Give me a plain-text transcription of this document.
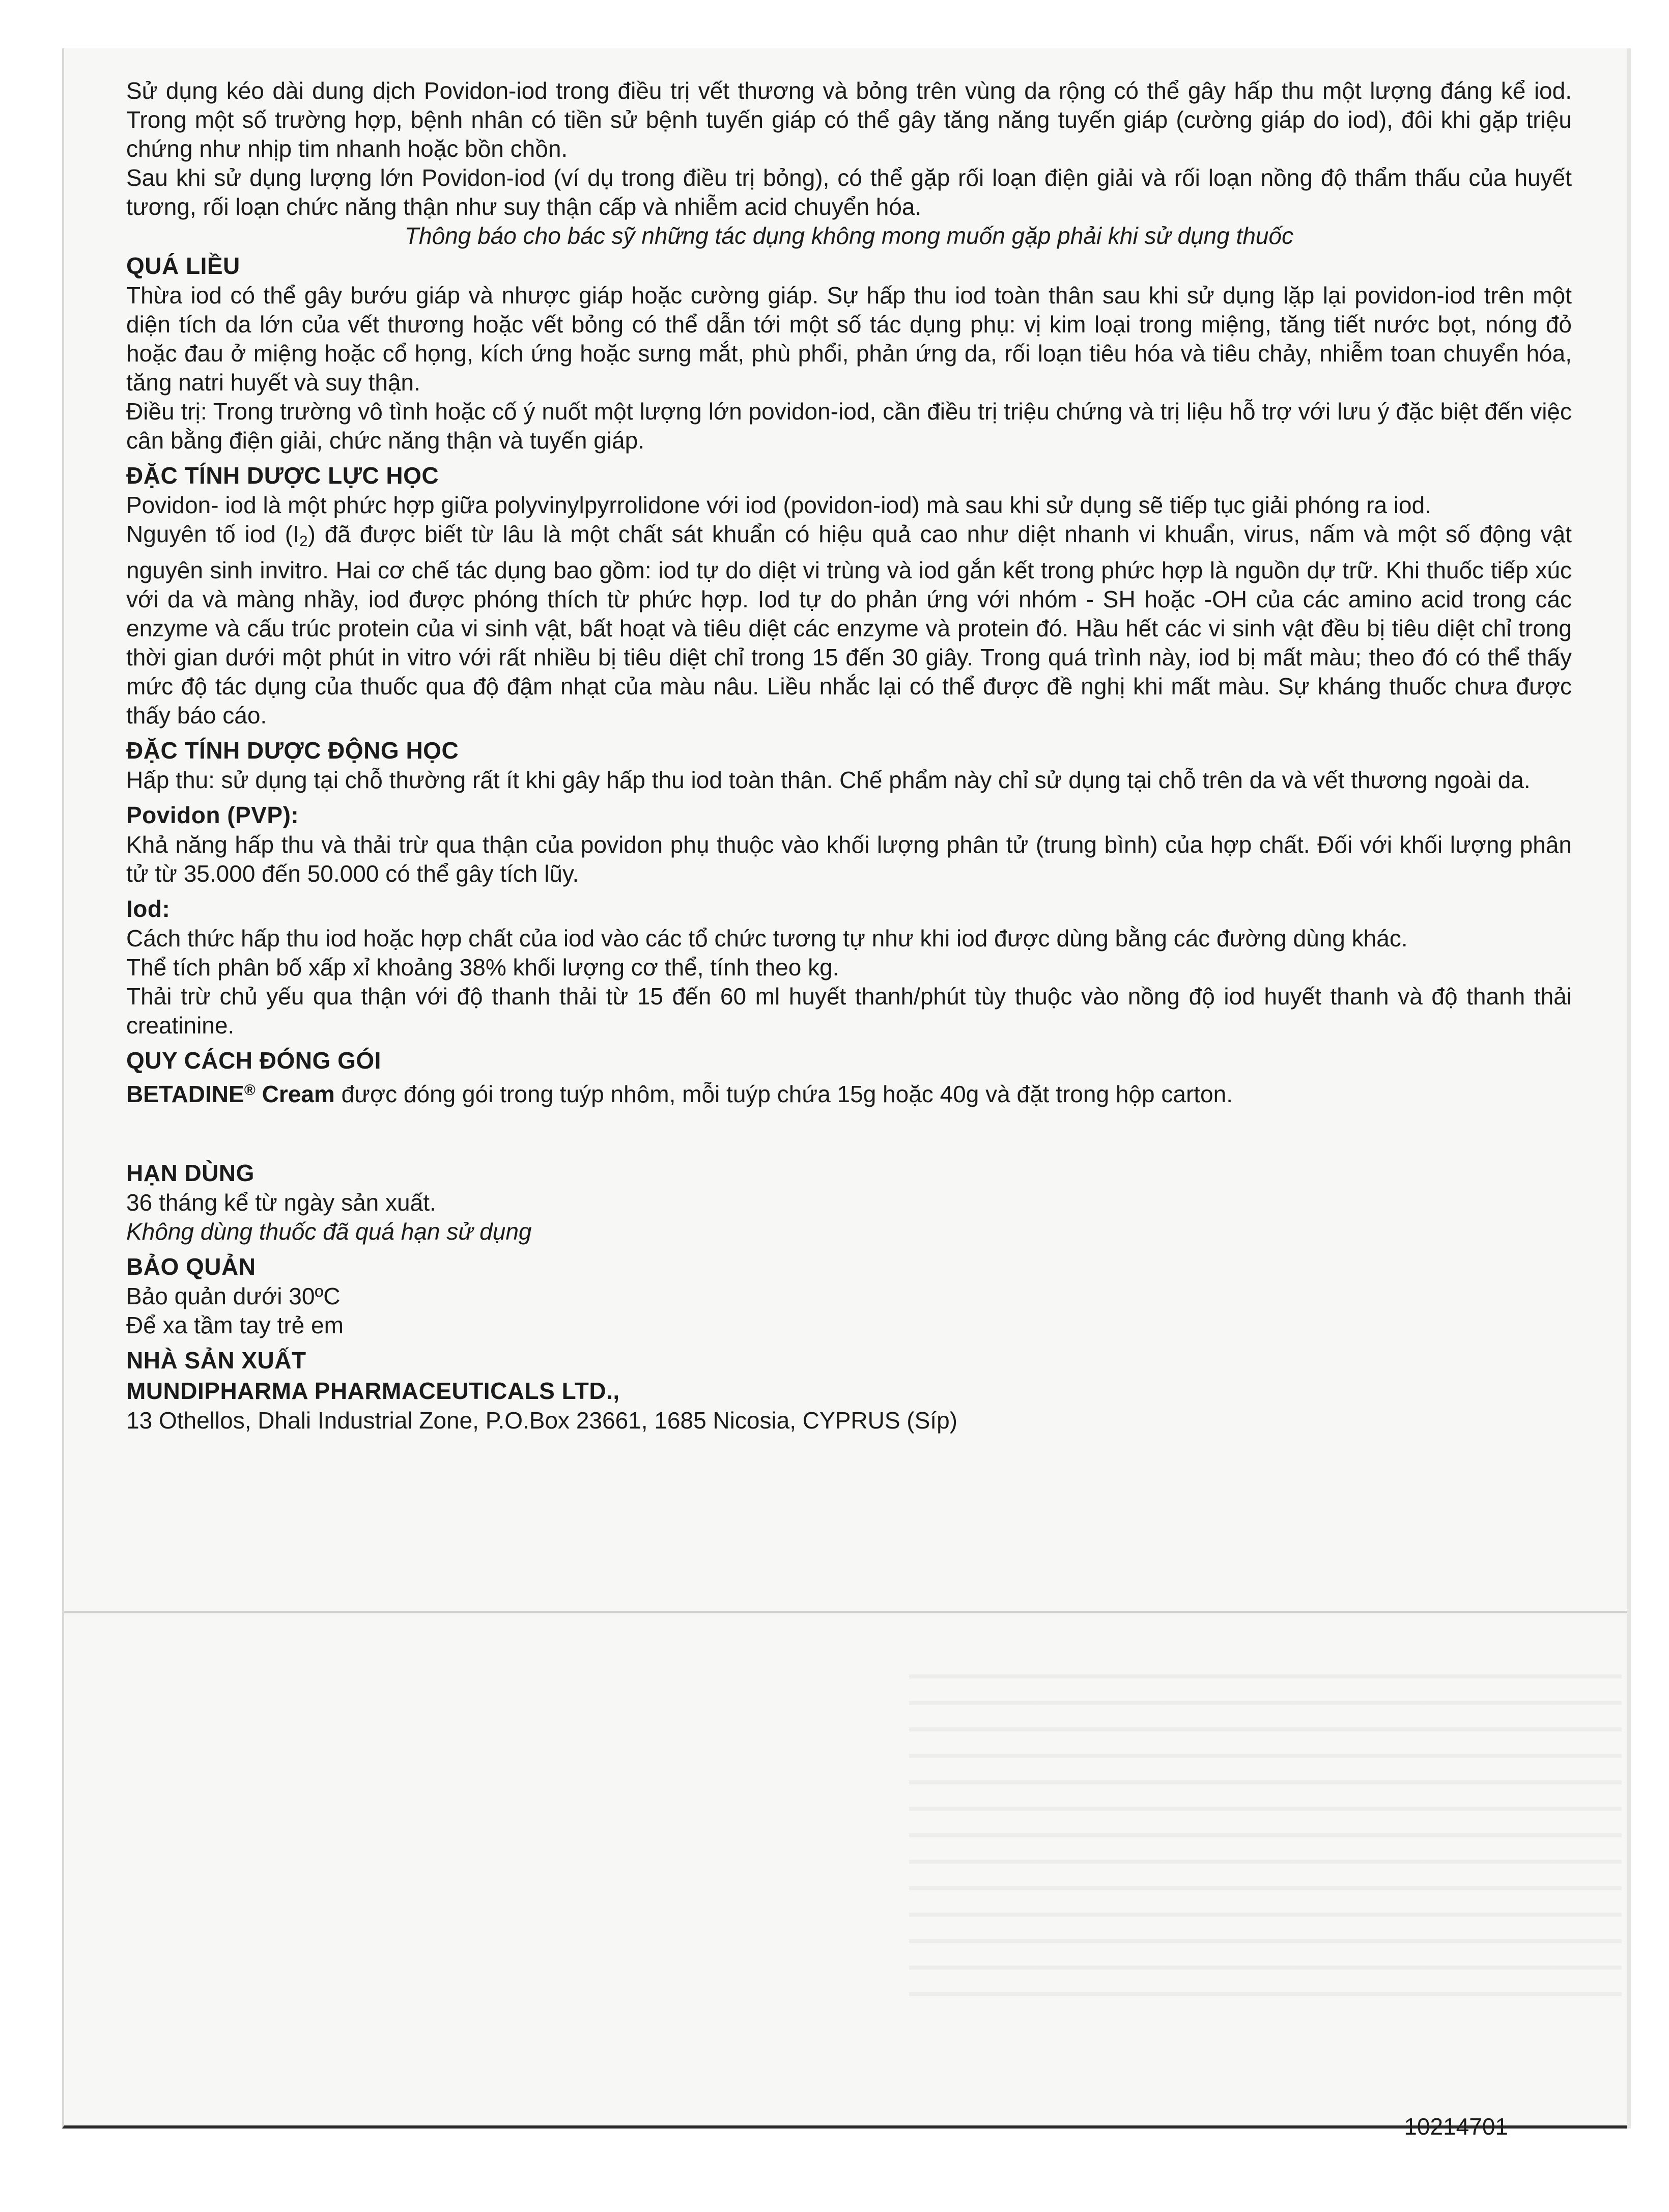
10214701

Sử dụng kéo dài dung dịch Povidon-iod trong điều trị vết thương và bỏng trên vùng da rộng có thể gây hấp thu một lượng đáng kể iod. Trong một số trường hợp, bệnh nhân có tiền sử bệnh tuyến giáp có thể gây tăng năng tuyến giáp (cường giáp do iod), đôi khi gặp triệu chứng như nhịp tim nhanh hoặc bồn chồn.

Sau khi sử dụng lượng lớn Povidon-iod (ví dụ trong điều trị bỏng), có thể gặp rối loạn điện giải và rối loạn nồng độ thẩm thấu của huyết tương, rối loạn chức năng thận như suy thận cấp và nhiễm acid chuyển hóa.

Thông báo cho bác sỹ những tác dụng không mong muốn gặp phải khi sử dụng thuốc

QUÁ LIỀU

Thừa iod có thể gây bướu giáp và nhược giáp hoặc cường giáp. Sự hấp thu iod toàn thân sau khi sử dụng lặp lại povidon-iod trên một diện tích da lớn của vết thương hoặc vết bỏng có thể dẫn tới một số tác dụng phụ: vị kim loại trong miệng, tăng tiết nước bọt, nóng đỏ hoặc đau ở miệng hoặc cổ họng, kích ứng hoặc sưng mắt, phù phổi, phản ứng da, rối loạn tiêu hóa và tiêu chảy, nhiễm toan chuyển hóa, tăng natri huyết và suy thận.

Điều trị: Trong trường vô tình hoặc cố ý nuốt một lượng lớn povidon-iod, cần điều trị triệu chứng và trị liệu hỗ trợ với lưu ý đặc biệt đến việc cân bằng điện giải, chức năng thận và tuyến giáp.

ĐẶC TÍNH DƯỢC LỰC HỌC

Povidon- iod là một phức hợp giữa polyvinylpyrrolidone với iod (povidon-iod) mà sau khi sử dụng sẽ tiếp tục giải phóng ra iod.

Nguyên tố iod $(I_2)$ đã được biết từ lâu là một chất sát khuẩn có hiệu quả cao như diệt nhanh vi khuẩn, virus, nấm và một số động vật nguyên sinh invitro. Hai cơ chế tác dụng bao gồm: iod tự do diệt vi trùng và iod gắn kết trong phức hợp là nguồn dự trữ. Khi thuốc tiếp xúc với da và màng nhầy, iod được phóng thích từ phức hợp. Iod tự do phản ứng với nhóm - SH hoặc -OH của các amino acid trong các enzyme và cấu trúc protein của vi sinh vật, bất hoạt và tiêu diệt các enzyme và protein đó. Hầu hết các vi sinh vật đều bị tiêu diệt chỉ trong thời gian dưới một phút in vitro với rất nhiều bị tiêu diệt chỉ trong 15 đến 30 giây. Trong quá trình này, iod bị mất màu; theo đó có thể thấy mức độ tác dụng của thuốc qua độ đậm nhạt của màu nâu. Liều nhắc lại có thể được đề nghị khi mất màu. Sự kháng thuốc chưa được thấy báo cáo.

ĐẶC TÍNH DƯỢC ĐỘNG HỌC

Hấp thu: sử dụng tại chỗ thường rất ít khi gây hấp thu iod toàn thân. Chế phẩm này chỉ sử dụng tại chỗ trên da và vết thương ngoài da.

Povidon (PVP):

Khả năng hấp thu và thải trừ qua thận của povidon phụ thuộc vào khối lượng phân tử (trung bình) của hợp chất. Đối với khối lượng phân tử từ 35.000 đến 50.000 có thể gây tích lũy.

Iod:

Cách thức hấp thu iod hoặc hợp chất của iod vào các tổ chức tương tự như khi iod được dùng bằng các đường dùng khác.

Thể tích phân bố xấp xỉ khoảng 38% khối lượng cơ thể, tính theo kg.

Thải trừ chủ yếu qua thận với độ thanh thải từ 15 đến 60 ml huyết thanh/phút tùy thuộc vào nồng độ iod huyết thanh và độ thanh thải creatinine.

QUY CÁCH ĐÓNG GÓI

BETADINE® Cream được đóng gói trong tuýp nhôm, mỗi tuýp chứa 15g hoặc 40g và đặt trong hộp carton.

HẠN DÙNG

36 tháng kể từ ngày sản xuất.

Không dùng thuốc đã quá hạn sử dụng

BẢO QUẢN

Bảo quản dưới 30ºC

Để xa tầm tay trẻ em

NHÀ SẢN XUẤT
MUNDIPHARMA PHARMACEUTICALS LTD.,

13 Othellos, Dhali Industrial Zone, P.O.Box 23661, 1685 Nicosia, CYPRUS (Síp)
